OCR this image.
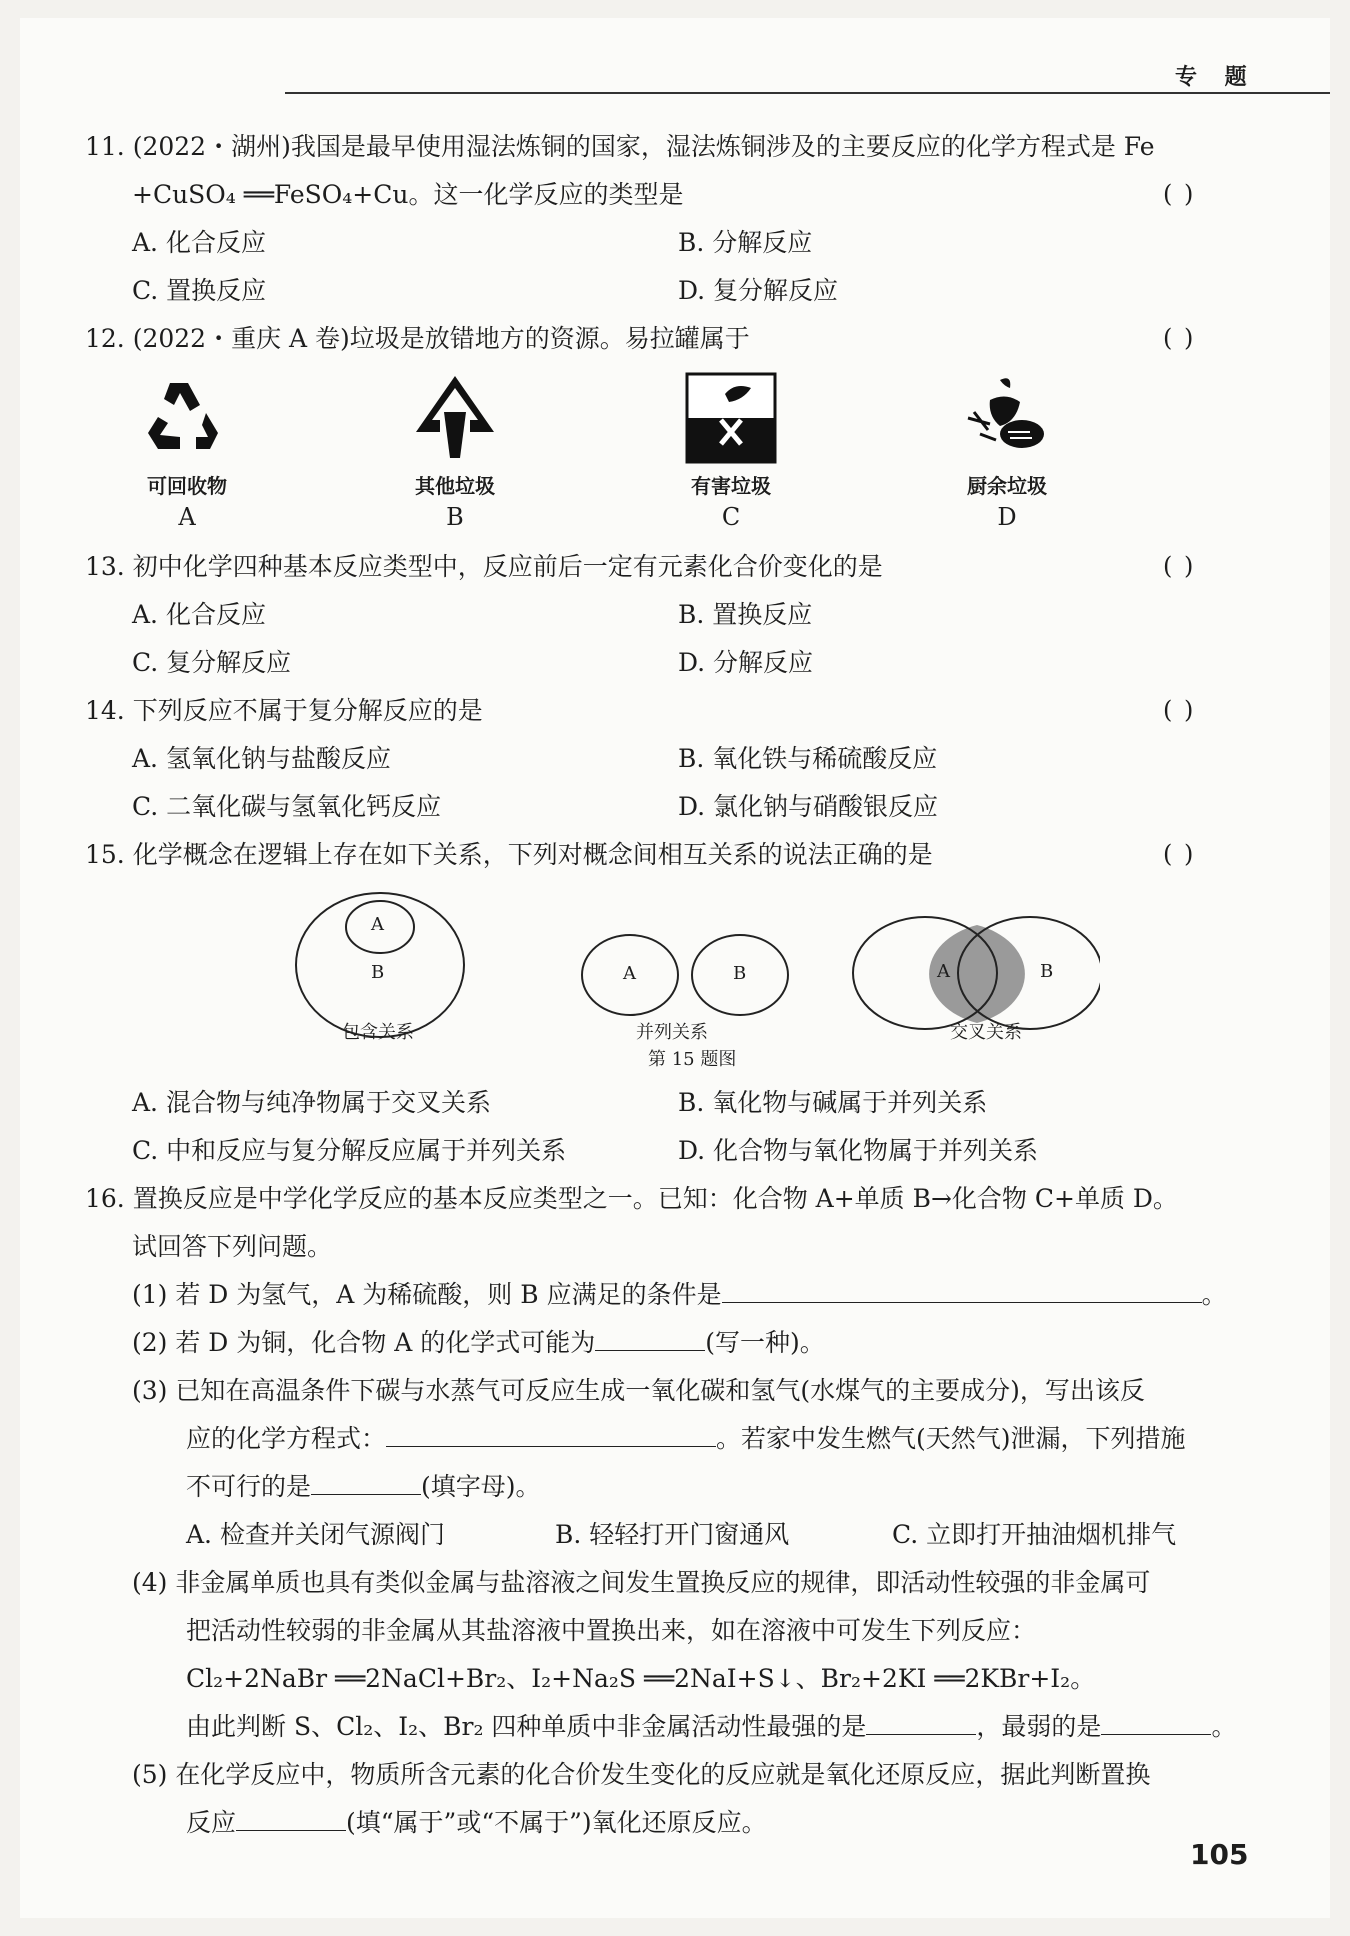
专 题
11. (2022・湖州)我国是最早使用湿法炼铜的国家，湿法炼铜涉及的主要反应的化学方程式是 Fe
+CuSO₄ ══FeSO₄+Cu。这一化学反应的类型是	( )
A. 化合反应	B. 分解反应
C. 置换反应	D. 复分解反应
12. (2022・重庆 A 卷)垃圾是放错地方的资源。易拉罐属于	( )
可回收物
A
其他垃圾
B
有害垃圾
C
厨余垃圾
D
13. 初中化学四种基本反应类型中，反应前后一定有元素化合价变化的是	( )
A. 化合反应	B. 置换反应
C. 复分解反应	D. 分解反应
14. 下列反应不属于复分解反应的是	( )
A. 氢氧化钠与盐酸反应	B. 氧化铁与稀硫酸反应
C. 二氧化碳与氢氧化钙反应	D. 氯化钠与硝酸银反应
15. 化学概念在逻辑上存在如下关系，下列对概念间相互关系的说法正确的是	( )
A
B	A	B	A	B
包含关系	并列关系	交叉关系
第 15 题图
A. 混合物与纯净物属于交叉关系	B. 氧化物与碱属于并列关系
C. 中和反应与复分解反应属于并列关系	D. 化合物与氧化物属于并列关系
16. 置换反应是中学化学反应的基本反应类型之一。已知：化合物 A+单质 B→化合物 C+单质 D。
试回答下列问题。
(1) 若 D 为氢气，A 为稀硫酸，则 B 应满足的条件是	。
(2) 若 D 为铜，化合物 A 的化学式可能为	(写一种)。
(3) 已知在高温条件下碳与水蒸气可反应生成一氧化碳和氢气(水煤气的主要成分)，写出该反
应的化学方程式：	。若家中发生燃气(天然气)泄漏，下列措施
不可行的是	(填字母)。
A. 检查并关闭气源阀门	B. 轻轻打开门窗通风	C. 立即打开抽油烟机排气
(4) 非金属单质也具有类似金属与盐溶液之间发生置换反应的规律，即活动性较强的非金属可
把活动性较弱的非金属从其盐溶液中置换出来，如在溶液中可发生下列反应：
Cl₂+2NaBr ══2NaCl+Br₂、I₂+Na₂S ══2NaI+S↓、Br₂+2KI ══2KBr+I₂。
由此判断 S、Cl₂、I₂、Br₂ 四种单质中非金属活动性最强的是	，最弱的是	。
(5) 在化学反应中，物质所含元素的化合价发生变化的反应就是氧化还原反应，据此判断置换
反应	(填“属于”或“不属于”)氧化还原反应。
105
